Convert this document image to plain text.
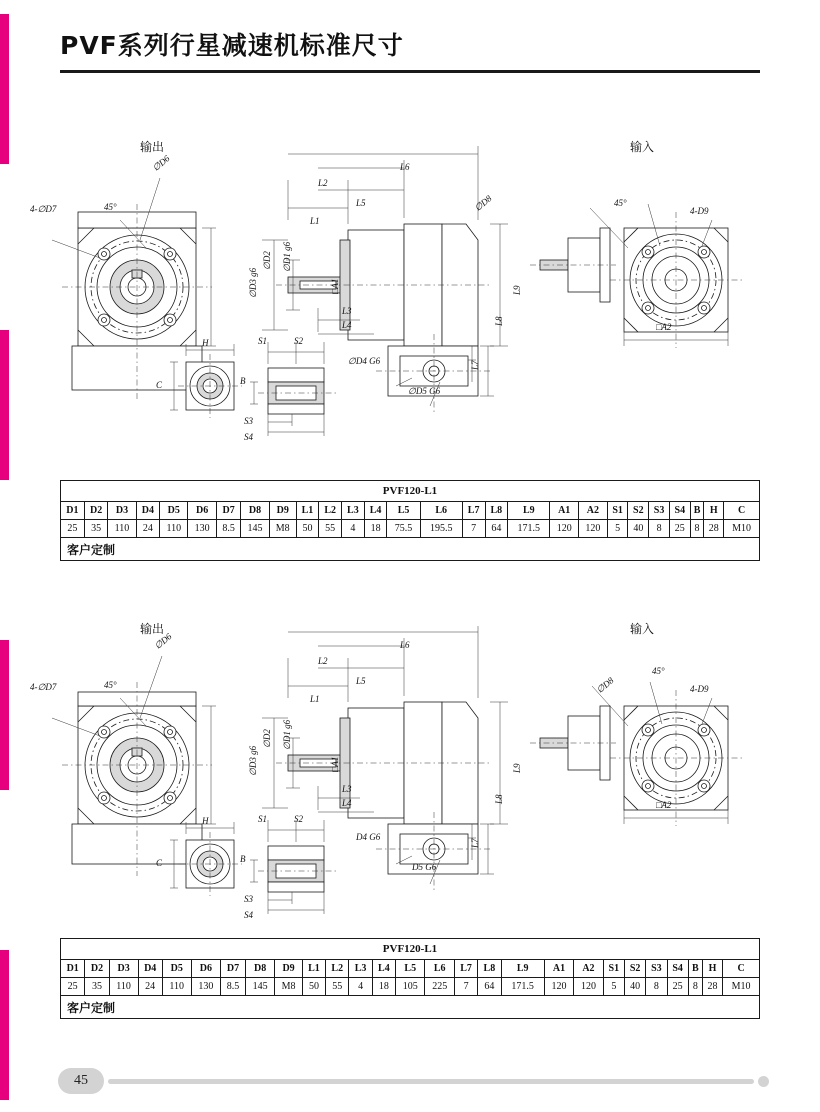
PVF系列行星减速机标准尺寸
输出	输入
4-∅D7	45°
∅D6
□A1
∅D2 ∅D1 g6
∅D3 g6
L1
L2
L5
L6
L3
L4
L9
L8
L7
∅D4 G6
∅D5 G6
∅D8	45°
4-D9
□A2
H
C	B
S1	S2
S3
S4
PVF120-L1																										
D1	D2	D3	D4	D5	D6	D7	D8	D9	L1	L2	L3	L4	L5	L6	L7	L8	L9	A1	A2	S1	S2	S3	S4	B	H	C
25	35	110	24	110	130	8.5	145	M8	50	55	4	18	75.5	195.5	7	64	171.5	120	120	5	40	8	25	8	28	M10
客户定制																										
输出	输入
4-∅D7	45°
∅D6
□A1
∅D2 ∅D1 g6
∅D3 g6
L1
L2
L5
L6
L3
L4
L9
L8
L7
D4 G6
D5 G6
∅D8
45°
4-D9
□A2
H
C	B
S1	S2
S3
S4
PVF120-L1																										
D1	D2	D3	D4	D5	D6	D7	D8	D9	L1	L2	L3	L4	L5	L6	L7	L8	L9	A1	A2	S1	S2	S3	S4	B	H	C
25	35	110	24	110	130	8.5	145	M8	50	55	4	18	105	225	7	64	171.5	120	120	5	40	8	25	8	28	M10
客户定制																										
45
